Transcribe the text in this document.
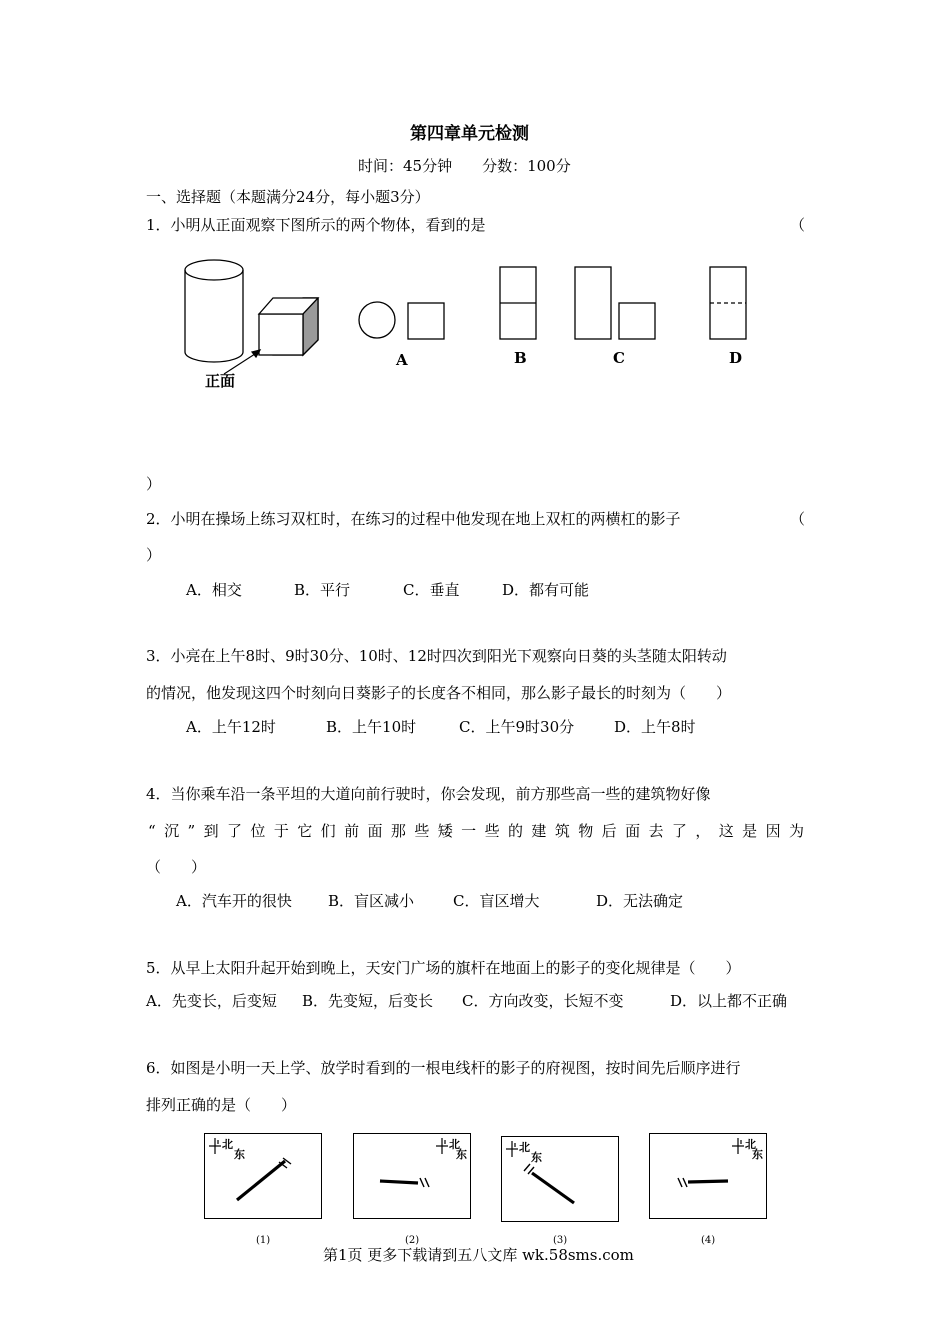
第四章单元检测
时间：45分钟　　分数：100分
一、选择题（本题满分24分，每小题3分）
1．小明从正面观察下图所示的两个物体，看到的是	（
正面
A	B	C	D
）
2．小明在操场上练习双杠时，在练习的过程中他发现在地上双杠的两横杠的影子	（
）
A．相交	B．平行	C．垂直	D．都有可能
3．小亮在上午8时、9时30分、10时、12时四次到阳光下观察向日葵的头茎随太阳转动
的情况，他发现这四个时刻向日葵影子的长度各不相同，那么影子最长的时刻为（　　）
A．上午12时	B．上午10时	C．上午9时30分	D．上午8时
4．当你乘车沿一条平坦的大道向前行驶时，你会发现，前方那些高一些的建筑物好像
“沉”到了位于它们前面那些矮一些的建筑物后面去了，这是因为
（　　）
A．汽车开的很快 B．盲区减小	C．盲区增大	D．无法确定
5．从早上太阳升起开始到晚上，天安门广场的旗杆在地面上的影子的变化规律是（　　）
A．先变长，后变短 B．先变短，后变长 C．方向改变，长短不变	D．以上都不正确
6．如图是小明一天上学、放学时看到的一根电线杆的影子的府视图，按时间先后顺序进行
排列正确的是（　　）
北
东
(1)
北
东
(2)
北
东
(3)
北
东
(4)
第1页 更多下载请到五八文库 wk.58sms.com
